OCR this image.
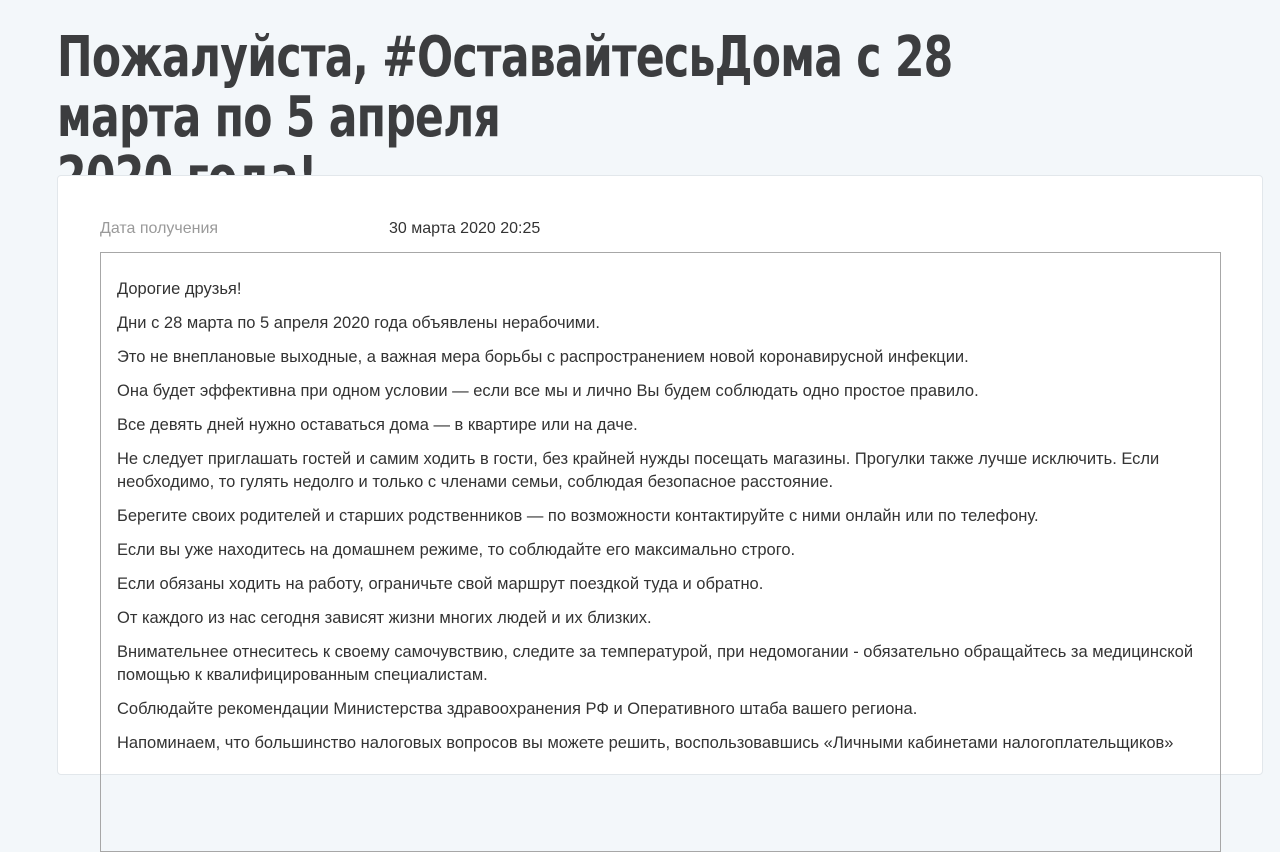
Пожалуйста, #ОставайтесьДома с 28 марта по 5 апреля
Дата получения	30 марта 2020 20:25

Дорогие друзья!

Дни с 28 марта по 5 апреля 2020 года объявлены нерабочими.

Это не внеплановые выходные, а важная мера борьбы с распространением новой коронавирусной инфекции.

Она будет эффективна при одном условии — если все мы и лично Вы будем соблюдать одно простое правило.

Все девять дней нужно оставаться дома — в квартире или на даче.

Не следует приглашать гостей и самим ходить в гости, без крайней нужды посещать магазины. Прогулки также лучше исключить. Если необходимо, то гулять недолго и только с членами семьи, соблюдая безопасное расстояние.

Берегите своих родителей и старших родственников — по возможности контактируйте с ними онлайн или по телефону.

Если вы уже находитесь на домашнем режиме, то соблюдайте его максимально строго.

Если обязаны ходить на работу, ограничьте свой маршрут поездкой туда и обратно.

От каждого из нас сегодня зависят жизни многих людей и их близких.

Внимательнее отнеситесь к своему самочувствию, следите за температурой, при недомогании - обязательно обращайтесь за медицинской помощью к квалифицированным специалистам.

Соблюдайте рекомендации Министерства здравоохранения РФ и Оперативного штаба вашего региона.

Напоминаем, что большинство налоговых вопросов вы можете решить, воспользовавшись «Личными кабинетами налогоплательщиков»
